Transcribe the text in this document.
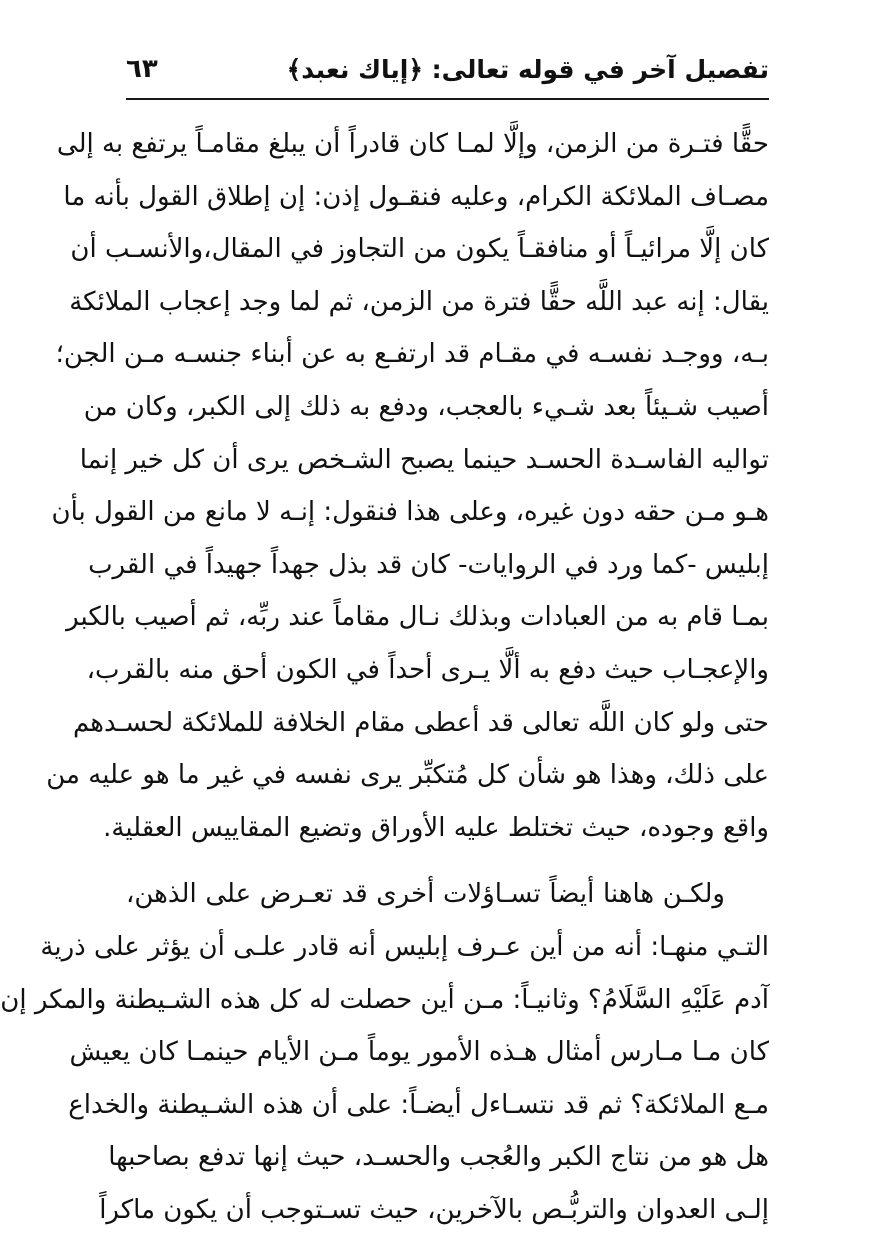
تفصيل آخر في قوله تعالى: ﴿إياك نعبد﴾
٦٣
حقًّا فتـرة من الزمن، وإلَّا لمـا كان قادراً أن يبلغ مقامـاً يرتفع به إلى
مصـاف الملائكة الكرام، وعليه فنقـول إذن: إن إطلاق القول بأنه ما
كان إلَّا مرائيـاً أو منافقـاً يكون من التجاوز في المقال،والأنسـب أن
يقال: إنه عبد اللَّه حقًّا فترة من الزمن، ثم لما وجد إعجاب الملائكة
بـه، ووجـد نفسـه في مقـام قد ارتفـع به عن أبناء جنسـه مـن الجن؛
أصيب شـيئاً بعد شـيء بالعجب، ودفع به ذلك إلى الكبر، وكان من
تواليه الفاسـدة الحسـد حينما يصبح الشـخص يرى أن كل خير إنما
هـو مـن حقه دون غيره، وعلى هذا فنقول: إنـه لا مانع من القول بأن
إبليس -كما ورد في الروايات- كان قد بذل جهداً جهيداً في القرب
بمـا قام به من العبادات وبذلك نـال مقاماً عند ربِّه، ثم أصيب بالكبر
والإعجـاب حيث دفع به ألَّا يـرى أحداً في الكون أحق منه بالقرب،
حتى ولو كان اللَّه تعالى قد أعطى مقام الخلافة للملائكة لحسـدهم
على ذلك، وهذا هو شأن كل مُتكبِّر يرى نفسه في غير ما هو عليه من
واقع وجوده، حيث تختلط عليه الأوراق وتضيع المقاييس العقلية.
ولكـن هاهنا أيضاً تسـاؤلات أخرى قد تعـرض على الذهن،
التـي منهـا: أنه من أين عـرف إبليس أنه قادر علـى أن يؤثر على ذرية
آدم عَلَيْهِ السَّلَامُ؟ وثانيـاً: مـن أين حصلت له كل هذه الشـيطنة والمكر إن
كان مـا مـارس أمثال هـذه الأمور يوماً مـن الأيام حينمـا كان يعيش
مـع الملائكة؟ ثم قد نتسـاءل أيضـاً: على أن هذه الشـيطنة والخداع
هل هو من نتاج الكبر والعُجب والحسـد، حيث إنها تدفع بصاحبها
إلـى العدوان والتربُّـص بالآخرين، حيث تسـتوجب أن يكون ماكراً
